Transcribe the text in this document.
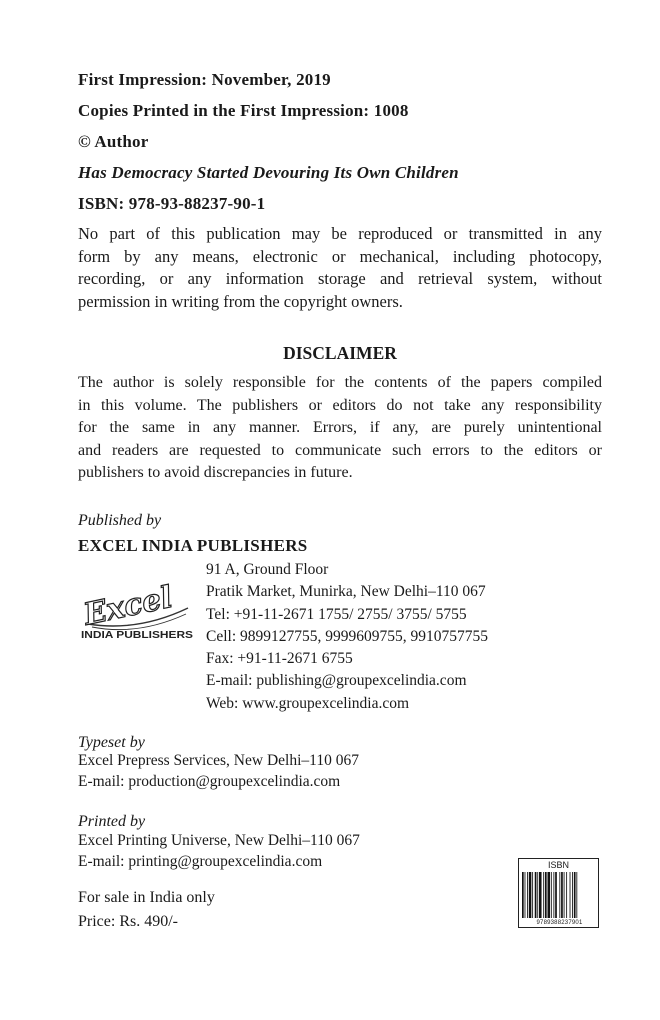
First Impression: November, 2019
Copies Printed in the First Impression: 1008
© Author
Has Democracy Started Devouring Its Own Children
ISBN: 978-93-88237-90-1
No part of this publication may be reproduced or transmitted in any
form by any means, electronic or mechanical, including photocopy,
recording, or any information storage and retrieval system, without
permission in writing from the copyright owners.
DISCLAIMER
The author is solely responsible for the contents of the papers compiled
in this volume. The publishers or editors do not take any responsibility
for the same in any manner. Errors, if any, are purely unintentional
and readers are requested to communicate such errors to the editors or
publishers to avoid discrepancies in future.
Published by
EXCEL INDIA PUBLISHERS
Excel
INDIA PUBLISHERS
91 A, Ground Floor
Pratik Market, Munirka, New Delhi–110 067
Tel: +91-11-2671 1755/ 2755/ 3755/ 5755
Cell: 9899127755, 9999609755, 9910757755
Fax: +91-11-2671 6755
E-mail: publishing@groupexcelindia.com
Web: www.groupexcelindia.com
Typeset by
Excel Prepress Services, New Delhi–110 067
E-mail: production@groupexcelindia.com
Printed by
Excel Printing Universe, New Delhi–110 067
E-mail: printing@groupexcelindia.com
For sale in India only
Price: Rs. 490/-
ISBN
9789388237901
